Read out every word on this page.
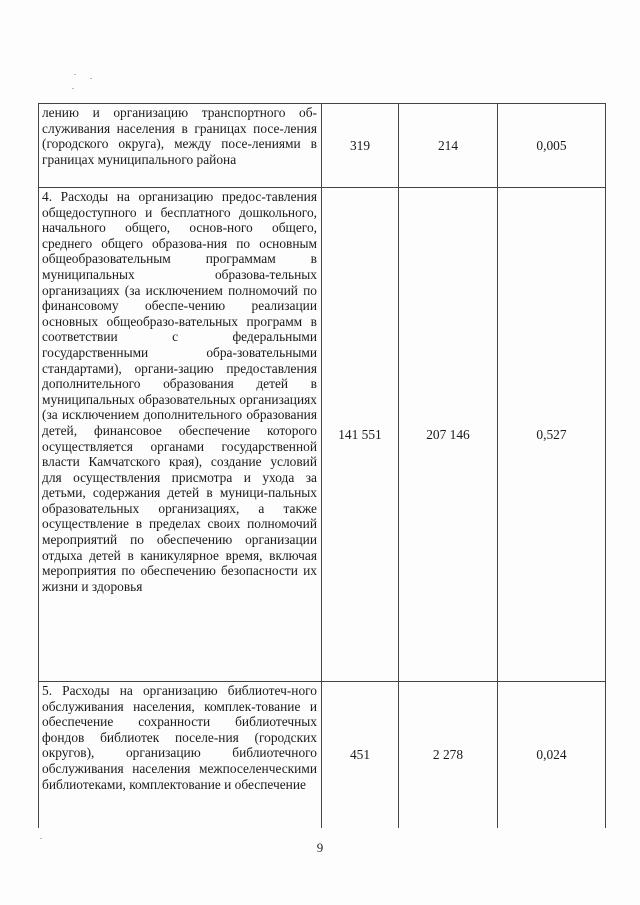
лению и организацию транспортного об-служивания населения в границах посе-ления (городского округа), между посе-лениями в границах муниципального района	319	214	0,005

4. Расходы на организацию предос-тавления общедоступного и бесплатного дошкольного, начального общего, основ-ного общего, среднего общего образова-ния по основным общеобразовательным программам в муниципальных образова-тельных организациях (за исключением полномочий по финансовому обеспе-чению реализации основных общеобразо-вательных программ в соответствии с федеральными государственными обра-зовательными стандартами), органи-зацию предоставления дополнительного образования детей в муниципальных образовательных организациях (за исключением дополнительного образования детей, финансовое обеспечение которого осуществляется органами государственной власти Камчатского края), создание условий для осуществления присмотра и ухода за детьми, содержания детей в муници-пальных образовательных организациях, а также осуществление в пределах своих полномочий мероприятий по обеспечению организации отдыха детей в каникулярное время, включая мероприятия по обеспечению безопасности их жизни и здоровья	141 551	207 146	0,527

5. Расходы на организацию библиотеч-ного обслуживания населения, комплек-тование и обеспечение сохранности библиотечных фондов библиотек поселе-ния (городских округов), организацию библиотечного обслуживания населения межпоселенческими библиотеками, комплектование и обеспечение	451	2 278	0,024
9
